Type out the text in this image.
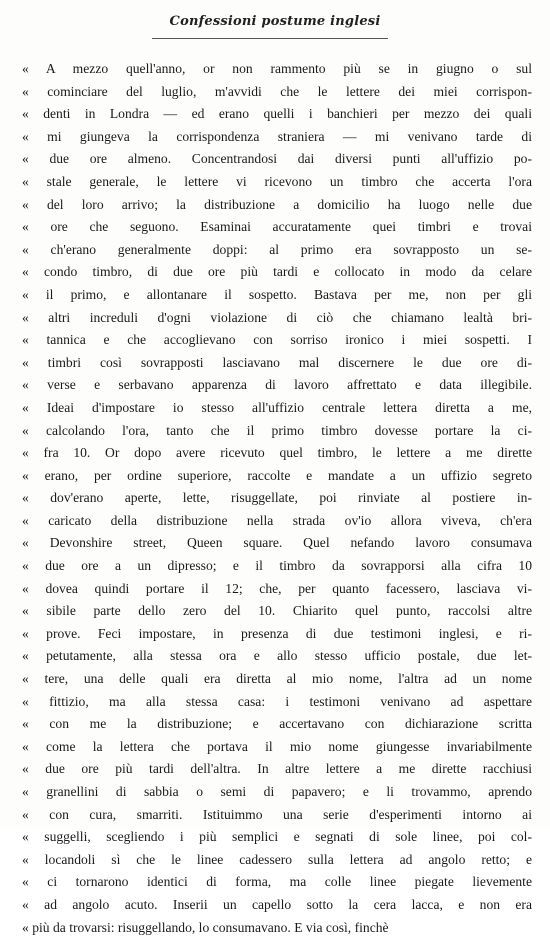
Confessioni postume inglesi
« A mezzo quell'anno, or non rammento più se in giugno o sul
« cominciare del luglio, m'avvidi che le lettere dei miei corrispon-
« denti in Londra — ed erano quelli i banchieri per mezzo dei quali
« mi giungeva la corrispondenza straniera — mi venivano tarde di
« due ore almeno. Concentrandosi dai diversi punti all'uffizio po-
« stale generale, le lettere vi ricevono un timbro che accerta l'ora
« del loro arrivo; la distribuzione a domicilio ha luogo nelle due
« ore che seguono. Esaminai accuratamente quei timbri e trovai
« ch'erano generalmente doppi: al primo era sovrapposto un se-
« condo timbro, di due ore più tardi e collocato in modo da celare
« il primo, e allontanare il sospetto. Bastava per me, non per gli
« altri increduli d'ogni violazione di ciò che chiamano lealtà bri-
« tannica e che accoglievano con sorriso ironico i miei sospetti. I
« timbri così sovrapposti lasciavano mal discernere le due ore di-
« verse e serbavano apparenza di lavoro affrettato e data illegibile.
« Ideai d'impostare io stesso all'uffizio centrale lettera diretta a me,
« calcolando l'ora, tanto che il primo timbro dovesse portare la ci-
« fra 10. Or dopo avere ricevuto quel timbro, le lettere a me dirette
« erano, per ordine superiore, raccolte e mandate a un uffizio segreto
« dov'erano aperte, lette, risuggellate, poi rinviate al postiere in-
« caricato della distribuzione nella strada ov'io allora viveva, ch'era
« Devonshire street, Queen square. Quel nefando lavoro consumava
« due ore a un dipresso; e il timbro da sovrapporsi alla cifra 10
« dovea quindi portare il 12; che, per quanto facessero, lasciava vi-
« sibile parte dello zero del 10. Chiarito quel punto, raccolsi altre
« prove. Feci impostare, in presenza di due testimoni inglesi, e ri-
« petutamente, alla stessa ora e allo stesso ufficio postale, due let-
« tere, una delle quali era diretta al mio nome, l'altra ad un nome
« fittizio, ma alla stessa casa: i testimoni venivano ad aspettare
« con me la distribuzione; e accertavano con dichiarazione scritta
« come la lettera che portava il mio nome giungesse invariabilmente
« due ore più tardi dell'altra. In altre lettere a me dirette racchiusi
« granellini di sabbia o semi di papavero; e li trovammo, aprendo
« con cura, smarriti. Istituimmo una serie d'esperimenti intorno ai
« suggelli, scegliendo i più semplici e segnati di sole linee, poi col-
« locandoli sì che le linee cadessero sulla lettera ad angolo retto; e
« ci tornarono identici di forma, ma colle linee piegate lievemente
« ad angolo acuto. Inserii un capello sotto la cera lacca, e non era
« più da trovarsi: risuggellando, lo consumavano. E via così, finchè
